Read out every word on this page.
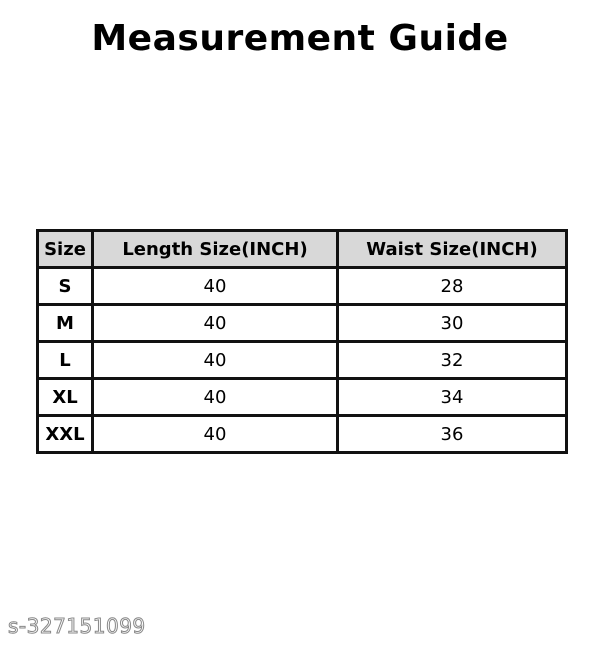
Measurement Guide
Size	Length Size(INCH)	Waist Size(INCH)
S	40	28
M	40	30
L	40	32
XL	40	34
XXL	40	36
s-327151099
